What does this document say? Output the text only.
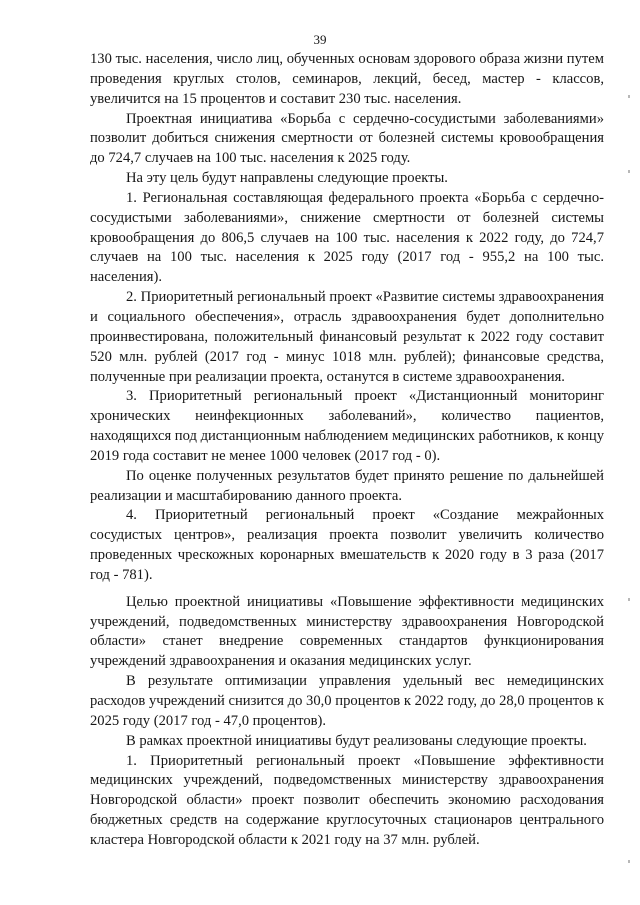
39

130 тыс. населения, число лиц, обученных основам здорового образа жизни путем проведения круглых столов, семинаров, лекций, бесед, мастер - классов, увеличится на 15 процентов и составит 230 тыс. населения.

Проектная инициатива «Борьба с сердечно-сосудистыми заболеваниями» позволит добиться снижения смертности от болезней системы кровообращения до 724,7 случаев на 100 тыс. населения к 2025 году.

На эту цель будут направлены следующие проекты.

1. Региональная составляющая федерального проекта «Борьба с сердечно-сосудистыми заболеваниями», снижение смертности от болезней системы кровообращения до 806,5 случаев на 100 тыс. населения к 2022 году, до 724,7 случаев на 100 тыс. населения к 2025 году (2017 год - 955,2 на 100 тыс. населения).

2. Приоритетный региональный проект «Развитие системы здравоохранения и социального обеспечения», отрасль здравоохранения будет дополнительно проинвестирована, положительный финансовый результат к 2022 году составит 520 млн. рублей (2017 год - минус 1018 млн. рублей); финансовые средства, полученные при реализации проекта, останутся в системе здравоохранения.

3. Приоритетный региональный проект «Дистанционный мониторинг хронических неинфекционных заболеваний», количество пациентов, находящихся под дистанционным наблюдением медицинских работников, к концу 2019 года составит не менее 1000 человек (2017 год - 0).

По оценке полученных результатов будет принято решение по дальнейшей реализации и масштабированию данного проекта.

4. Приоритетный региональный проект «Создание межрайонных сосудистых центров», реализация проекта позволит увеличить количество проведенных чрескожных коронарных вмешательств к 2020 году в 3 раза (2017 год - 781).

Целью проектной инициативы «Повышение эффективности медицинских учреждений, подведомственных министерству здравоохранения Новгородской области» станет внедрение современных стандартов функционирования учреждений здравоохранения и оказания медицинских услуг.

В результате оптимизации управления удельный вес немедицинских расходов учреждений снизится до 30,0 процентов к 2022 году, до 28,0 процентов к 2025 году (2017 год - 47,0 процентов).

В рамках проектной инициативы будут реализованы следующие проекты.

1. Приоритетный региональный проект «Повышение эффективности медицинских учреждений, подведомственных министерству здравоохранения Новгородской области» проект позволит обеспечить экономию расходования бюджетных средств на содержание круглосуточных стационаров центрального кластера Новгородской области к 2021 году на 37 млн. рублей.
